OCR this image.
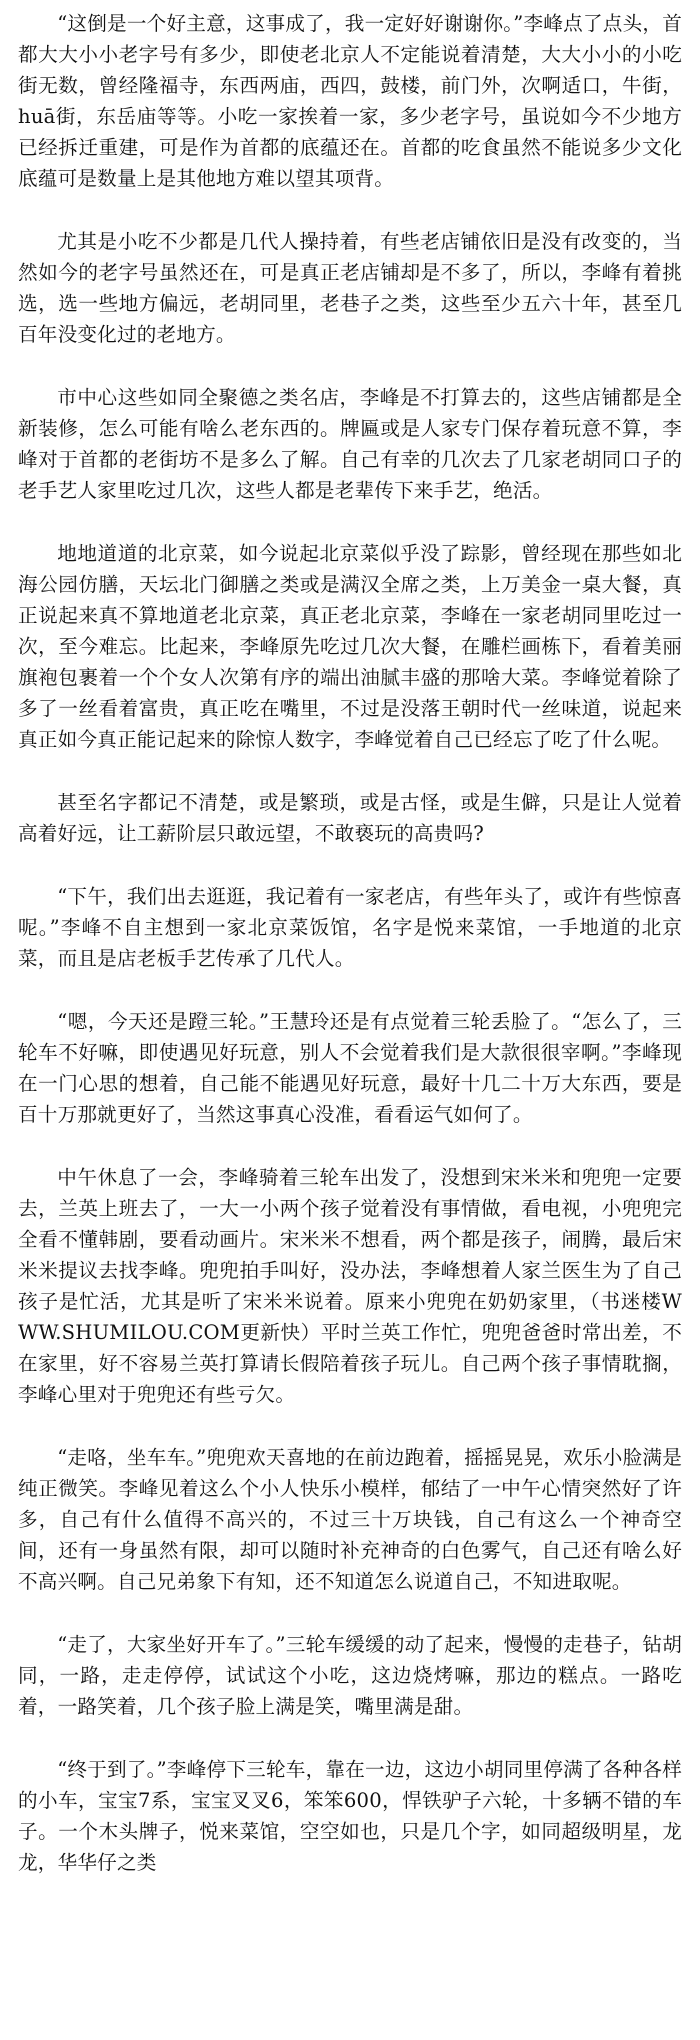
“这倒是一个好主意，这事成了，我一定好好谢谢你。”李峰点了点头，首都大大小小老字号有多少，即使老北京人不定能说着清楚，大大小小的小吃街无数，曾经隆福寺，东西两庙，西四，鼓楼，前门外，次啊适口，牛街，huā街，东岳庙等等。小吃一家挨着一家，多少老字号，虽说如今不少地方已经拆迁重建，可是作为首都的底蕴还在。首都的吃食虽然不能说多少文化底蕴可是数量上是其他地方难以望其项背。

尤其是小吃不少都是几代人操持着，有些老店铺依旧是没有改变的，当然如今的老字号虽然还在，可是真正老店铺却是不多了，所以，李峰有着挑选，选一些地方偏远，老胡同里，老巷子之类，这些至少五六十年，甚至几百年没变化过的老地方。

市中心这些如同全聚德之类名店，李峰是不打算去的，这些店铺都是全新装修，怎么可能有啥么老东西的。牌匾或是人家专门保存着玩意不算，李峰对于首都的老街坊不是多么了解。自己有幸的几次去了几家老胡同口子的老手艺人家里吃过几次，这些人都是老辈传下来手艺，绝活。

地地道道的北京菜，如今说起北京菜似乎没了踪影，曾经现在那些如北海公园仿膳，天坛北门御膳之类或是满汉全席之类，上万美金一桌大餐，真正说起来真不算地道老北京菜，真正老北京菜，李峰在一家老胡同里吃过一次，至今难忘。比起来，李峰原先吃过几次大餐，在雕栏画栋下，看着美丽旗袍包裹着一个个女人次第有序的端出油腻丰盛的那啥大菜。李峰觉着除了多了一丝看着富贵，真正吃在嘴里，不过是没落王朝时代一丝味道，说起来真正如今真正能记起来的除惊人数字，李峰觉着自己已经忘了吃了什么呢。

甚至名字都记不清楚，或是繁琐，或是古怪，或是生僻，只是让人觉着高着好远，让工薪阶层只敢远望，不敢亵玩的高贵吗?

“下午，我们出去逛逛，我记着有一家老店，有些年头了，或许有些惊喜呢。”李峰不自主想到一家北京菜饭馆，名字是悦来菜馆，一手地道的北京菜，而且是店老板手艺传承了几代人。

“嗯，今天还是蹬三轮。”王慧玲还是有点觉着三轮丢脸了。“怎么了，三轮车不好嘛，即使遇见好玩意，别人不会觉着我们是大款很很宰啊。”李峰现在一门心思的想着，自己能不能遇见好玩意，最好十几二十万大东西，要是百十万那就更好了，当然这事真心没准，看看运气如何了。

中午休息了一会，李峰骑着三轮车出发了，没想到宋米米和兜兜一定要去，兰英上班去了，一大一小两个孩子觉着没有事情做，看电视，小兜兜完全看不懂韩剧，要看动画片。宋米米不想看，两个都是孩子，闹腾，最后宋米米提议去找李峰。兜兜拍手叫好，没办法，李峰想着人家兰医生为了自己孩子是忙活，尤其是听了宋米米说着。原来小兜兜在奶奶家里，（书迷楼WWW.SHUMILOU.COM更新快）平时兰英工作忙，兜兜爸爸时常出差，不在家里，好不容易兰英打算请长假陪着孩子玩儿。自己两个孩子事情耽搁，李峰心里对于兜兜还有些亏欠。

“走咯，坐车车。”兜兜欢天喜地的在前边跑着，摇摇晃晃，欢乐小脸满是纯正微笑。李峰见着这么个小人快乐小模样，郁结了一中午心情突然好了许多，自己有什么值得不高兴的，不过三十万块钱，自己有这么一个神奇空间，还有一身虽然有限，却可以随时补充神奇的白色雾气，自己还有啥么好不高兴啊。自己兄弟象下有知，还不知道怎么说道自己，不知进取呢。

“走了，大家坐好开车了。”三轮车缓缓的动了起来，慢慢的走巷子，钻胡同，一路，走走停停，试试这个小吃，这边烧烤嘛，那边的糕点。一路吃着，一路笑着，几个孩子脸上满是笑，嘴里满是甜。

“终于到了。”李峰停下三轮车，靠在一边，这边小胡同里停满了各种各样的小车，宝宝7系，宝宝叉叉6，笨笨600，悍铁驴子六轮，十多辆不错的车子。一个木头牌子，悦来菜馆，空空如也，只是几个字，如同超级明星，龙龙，华华仔之类
